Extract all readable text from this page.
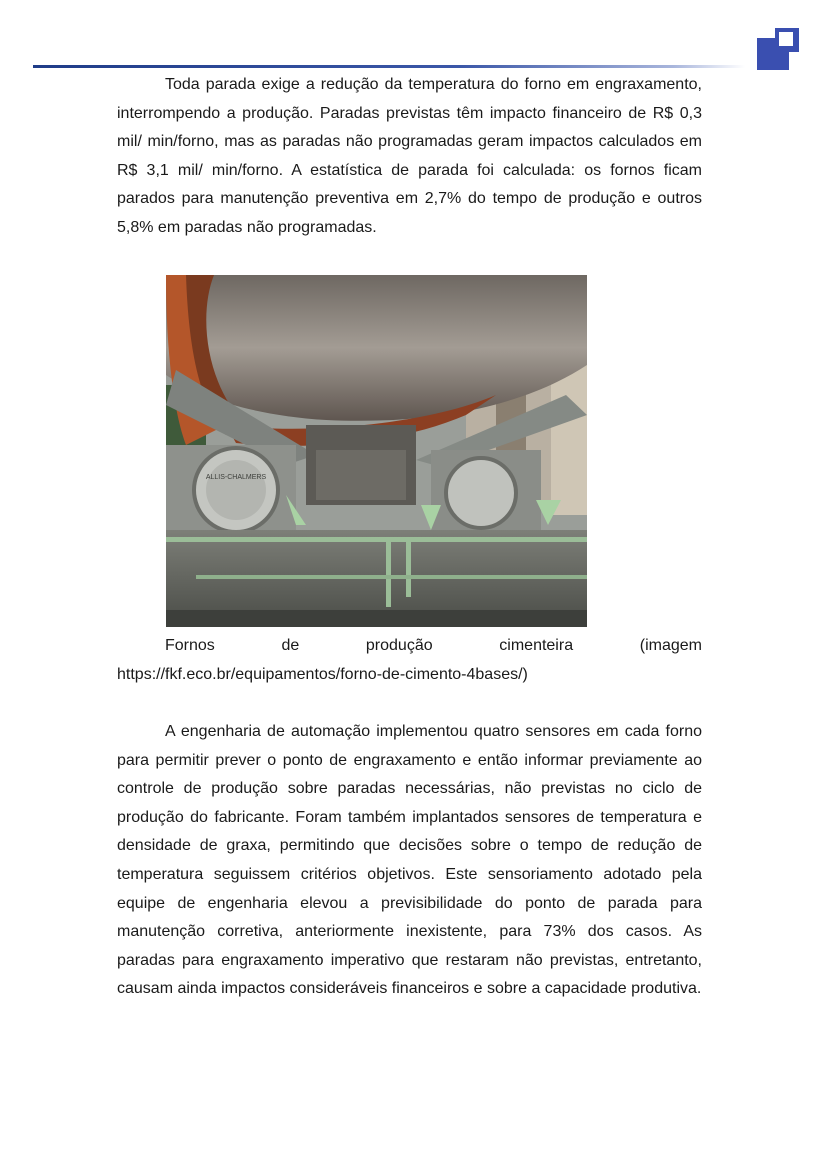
Toda parada exige a redução da temperatura do forno em engraxamento, interrompendo a produção. Paradas previstas têm impacto financeiro de R$ 0,3 mil/ min/forno, mas as paradas não programadas geram impactos calculados em R$ 3,1 mil/ min/forno. A estatística de parada foi calculada: os fornos ficam parados para manutenção preventiva em 2,7% do tempo de produção e outros 5,8% em paradas não programadas.

ALLIS-CHALMERS
Fornos	de	produção	cimenteira	(imagem
https://fkf.eco.br/equipamentos/forno-de-cimento-4bases/)

A engenharia de automação implementou quatro sensores em cada forno para permitir prever o ponto de engraxamento e então informar previamente ao controle de produção sobre paradas necessárias, não previstas no ciclo de produção do fabricante. Foram também implantados sensores de temperatura e densidade de graxa, permitindo que decisões sobre o tempo de redução de temperatura seguissem critérios objetivos. Este sensoriamento adotado pela equipe de engenharia elevou a previsibilidade do ponto de parada para manutenção corretiva, anteriormente inexistente, para 73% dos casos. As paradas para engraxamento imperativo que restaram não previstas, entretanto, causam ainda impactos consideráveis financeiros e sobre a capacidade produtiva.
